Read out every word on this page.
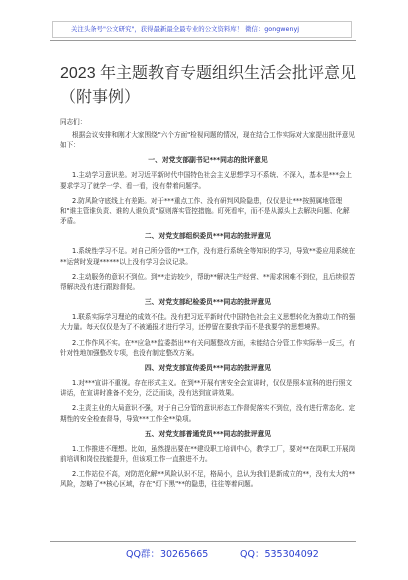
关注头条号"公文研究"，获得最新最全最专业的公文资料库！ 微信：gongwenyj
2023 年主题教育专题组织生活会批评意见（附事例）
同志们：
根据会议安排和刚才大家围绕"六个方面"检视问题的情况，现在结合工作实际对大家提出批评意见如下：
一、对党支部副书记***同志的批评意见
1.主动学习意识差。对习近平新时代中国特色社会主义思想学习不系统、不深入，基本是***会上要求学习了就学一学、看一看，没有带着问题学。
2.防风险守底线上有差距。对于***重点工作、没有研判风险隐患，仅仅是让***按照属地管理和"谁主管谁负责、谁的人谁负责"原则落实管控措施。盯死看牢，而不是从源头上去解决问题、化解矛盾。
二、对党支部组织委员***同志的批评意见
1.系统性学习不足。对自己所分管的**工作，没有进行系统全等知识的学习，导致**委应用系统在**运营时发现******以上没有学习会议记录。
2.主动服务的意识不到位。到**走访较少，帮助**解决生产经营、**需求困难不到位，且后续很苦帮解决没有进行跟踪督促。
三、对党支部纪检委员***同志的批评意见
1.联系实际学习理论的成效不佳。没有把习近平新时代中国特色社会主义思想转化为推动工作的强大力量。每天仅仅是为了不被通报才进行学习，还停留在要我学而不是我要学的思想境界。
2.工作作风不实。在**应急**监委指出**有关问题整改方面，未能结合分管工作实际举一反三，有针对性地加强整改专项，也没有制定整改方案。
四、对党支部宣传委员***同志的批评意见
1.对***宣讲不重视。存在形式主义。在到**开展有害安全会宣讲时，仅仅是照本宣科的进行照文讲话，在宣讲时准备不充分，泛泛而谈，没有达到宣讲效果。
2.主责主业的大局意识不强，对于自己分管的意识形态工作督促落实不到位，没有进行常态化、定期性的安全检查督导，导致***工作全**染项。
五、对党支部普通党员***同志的批评意见
1.工作推进不理想。比如，虽然提出要在**建设职工培训中心，教学工厂，要对**在岗职工开展岗前培训和岗位技能提升，但该项工作一直推进不力。
2.工作站位不高，对防范化解**风险认识不足，格局小，总认为我们是新成立的**，没有太大的**风险，忽略了**核心区域，存在"灯下黑"**的隐患，往往等着问题。
QQ群：30265665	QQ：535304092
